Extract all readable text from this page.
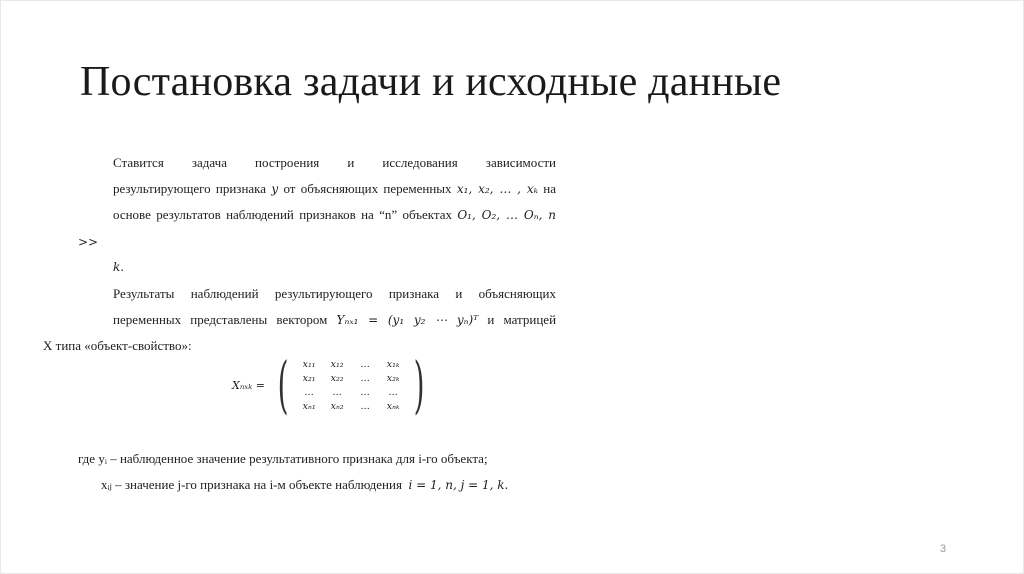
Постановка задачи и исходные данные

Ставится задача построения и исследования зависимости
результирующего признака y от объясняющих переменных x₁, x₂, … , xₖ на
основе результатов наблюдений признаков на “n” объектах O₁, O₂, … Oₙ, n >>
k.

Результаты наблюдений результирующего признака и объясняющих
переменных представлены вектором Yₙₓ₁ = (y₁ y₂ ⋯ yₙ)ᵀ и матрицей
X типа «объект-свойство»:

Xₙₓₖ = (	x₁₁	x₁₂	…	x₁ₖ
x₂₁	x₂₂	…	x₂ₖ
…	…	…	…
xₙ₁	xₙ₂	…	xₙₖ )
где yᵢ – наблюденное значение результативного признака для i-го объекта;
xᵢⱼ – значение j-го признака на i-м объекте наблюдения i = 1, n, j = 1, k.
3
